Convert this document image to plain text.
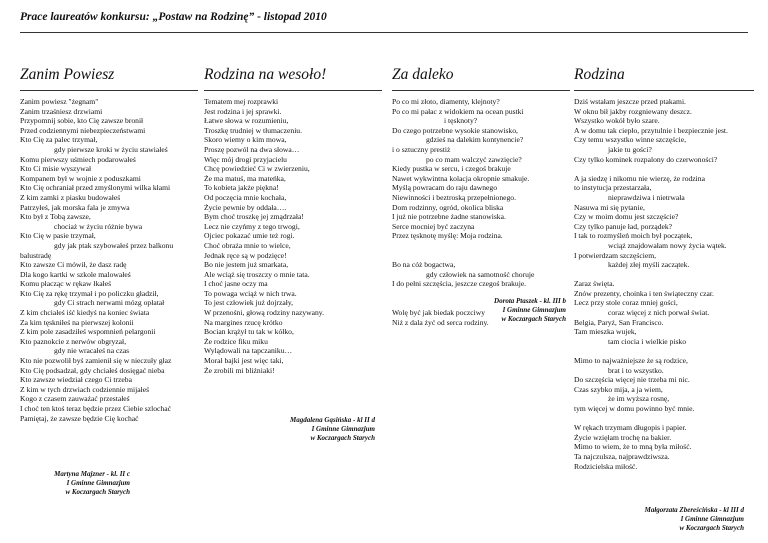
Prace laureatów konkursu: „Postaw na Rodzinę” - listopad 2010
Zanim Powiesz
Zanim powiesz "żegnam"
Zanim trzaśniesz drzwiami
Przypomnij sobie, kto Cię zawsze bronił
Przed codziennymi niebezpieczeństwami
Kto Cię za palec trzymał,
gdy pierwsze kroki w życiu stawiałeś
Komu pierwszy uśmiech podarowałeś
Kto Ci misie wyszywał
Kompanem był w wojnie z poduszkami
Kto Cię ochraniał przed zmyślonymi wilka kłami
Z kim zamki z piasku budowałeś
Patrzyłeś, jak morska fala je zmywa
Kto był z Tobą zawsze,
chociaż w życiu różnie bywa
Kto Cię w pasie trzymał,
gdy jak ptak szybowałeś przez balkonu
balustradę
Kto zawsze Ci mówił, że dasz radę
Dla kogo kartki w szkole malowałeś
Komu płacząc w rękaw łkałeś
Kto Cię za rękę trzymał i po policzku gładził,
gdy Ci strach nerwami mózg opłatał
Z kim chciałeś iść kiedyś na koniec świata
Za kim tęskniłeś na pierwszej kolonii
Z kim pole zasadziłeś wspomnień pelargonii
Kto paznokcie z nerwów obgryzał,
gdy nie wracałeś na czas
Kto nie pozwolił byś zamienił się w nieczuły głaz
Kto Cię podsadzał, gdy chciałeś dosięgać nieba
Kto zawsze wiedział czego Ci trzeba
Z kim w tych drzwiach codziennie mijałeś
Kogo z czasem zauważać przestałeś
I choć ten ktoś teraz będzie przez Ciebie szlochać
Pamiętaj, że zawsze będzie Cię kochać
Martyna Majzner - kl. II c
I Gminne Gimnazjum
w Koczargach Starych
Rodzina na wesoło!
Tematem mej rozprawki
Jest rodzina i jej sprawki.
Łatwe słowa w rozumieniu,
Troszkę trudniej w tłumaczeniu.
Skoro wiemy o kim mowa,
Proszę pozwól na dwa słowa…
Więc mój drogi przyjacielu
Chcę powiedzieć Ci w zwierzeniu,
Że ma matuś, ma mateńka,
To kobieta jakże piękna!
Od poczęcia mnie kochała,
Życie pewnie by oddała….
Bym choć troszkę jej zmądrzała!
Lecz nie czyńmy z tego trwogi,
Ojciec pokazać umie też rogi.
Choć obraża mnie to wielce,
Jednak ręce są w podzięce!
Bo nie jestem już smarkata,
Ale wciąż się troszczy o mnie tata.
I choć jasne oczy ma
To powaga wciąż w nich trwa.
To jest człowiek już dojrzały,
W przenośni, głową rodziny nazywany.
Na margines rzucę krótko
Bocian krążył tu tak w kółko,
Że rodzice fiku miku
Wylądowali na tapczaniku…
Morał bajki jest więc taki,
Że zrobili mi bliźniaki!
Magdalena Gąsińska - kl II d
I Gminne Gimnazjum
w Koczargach Starych
Za daleko
Po co mi złoto, diamenty, klejnoty?
Po co mi pałac z widokiem na ocean pustki
i tęsknoty?
Do czego potrzebne wysokie stanowisko,
gdzieś na dalekim kontynencie?
i o sztuczny prestiż
po co mam walczyć zawzięcie?
Kiedy pustka w sercu, i czegoś brakuje
Nawet wykwintna kolacja okropnie smakuje.
Myślą powracam do raju dawnego
Niewinności i beztroską przepełnionego.
Dom rodzinny, ogród, okolica bliska
I już nie potrzebne żadne stanowiska.
Serce mocniej być zaczyna
Przez tęsknotę myślę: Moja rodzina.
Bo na cóż bogactwa,
gdy człowiek na samotność choruje
I do pełni szczęścia, jeszcze czegoś brakuje.
Wolę być jak biedak poczciwy
Niż z dala żyć od serca rodziny.
Dorota Ptaszek - kl. III b
I Gminne Gimnazjum
w Koczargach Starych
Rodzina
Dziś wstałam jeszcze przed ptakami.
W oknu bił jakby rozgniewany deszcz.
Wszystko wokół było szare.
A w domu tak ciepło, przytulnie i bezpiecznie jest.
Czy temu wszystko winne szczęście,
jakie tu gości?
Czy tylko kominek rozpalony do czerwoności?
A ja siedzę i nikomu nie wierzę, że rodzina
to instytucja przestarzała,
nieprawdziwa i nietrwała
Nasuwa mi się pytanie,
Czy w moim domu jest szczęście?
Czy tylko panuje ład, porządek?
I tak to rozmyśleń moich był początek,
wciąż znajdowałam nowy życia wątek.
I potwierdzam szczęściem,
każdej złej myśli zaczątek.
Zaraz święta.
Znów prezenty, choinka i ten świąteczny czar.
Lecz przy stole coraz mniej gości,
coraz więcej z nich porwał świat.
Belgia, Paryż, San Francisco.
Tam mieszka wujek,
tam ciocia i wielkie pisko
Mimo to najważniejsze że są rodzice,
brat i to wszystko.
Do szczęścia więcej nie trzeba mi nic.
Czas szybko mija, a ja wiem,
że im wyższa rosnę,
tym więcej w domu powinno być mnie.
W rękach trzymam długopis i papier.
Życie wzięłam trochę na bakier.
Mimo to wiem, że to mną była miłość.
Ta najczulsza, najprawdziwsza.
Rodzicielska miłość.
Małgorzata Zbereścińska - kl III d
I Gminne Gimnazjum
w Koczargach Starych
